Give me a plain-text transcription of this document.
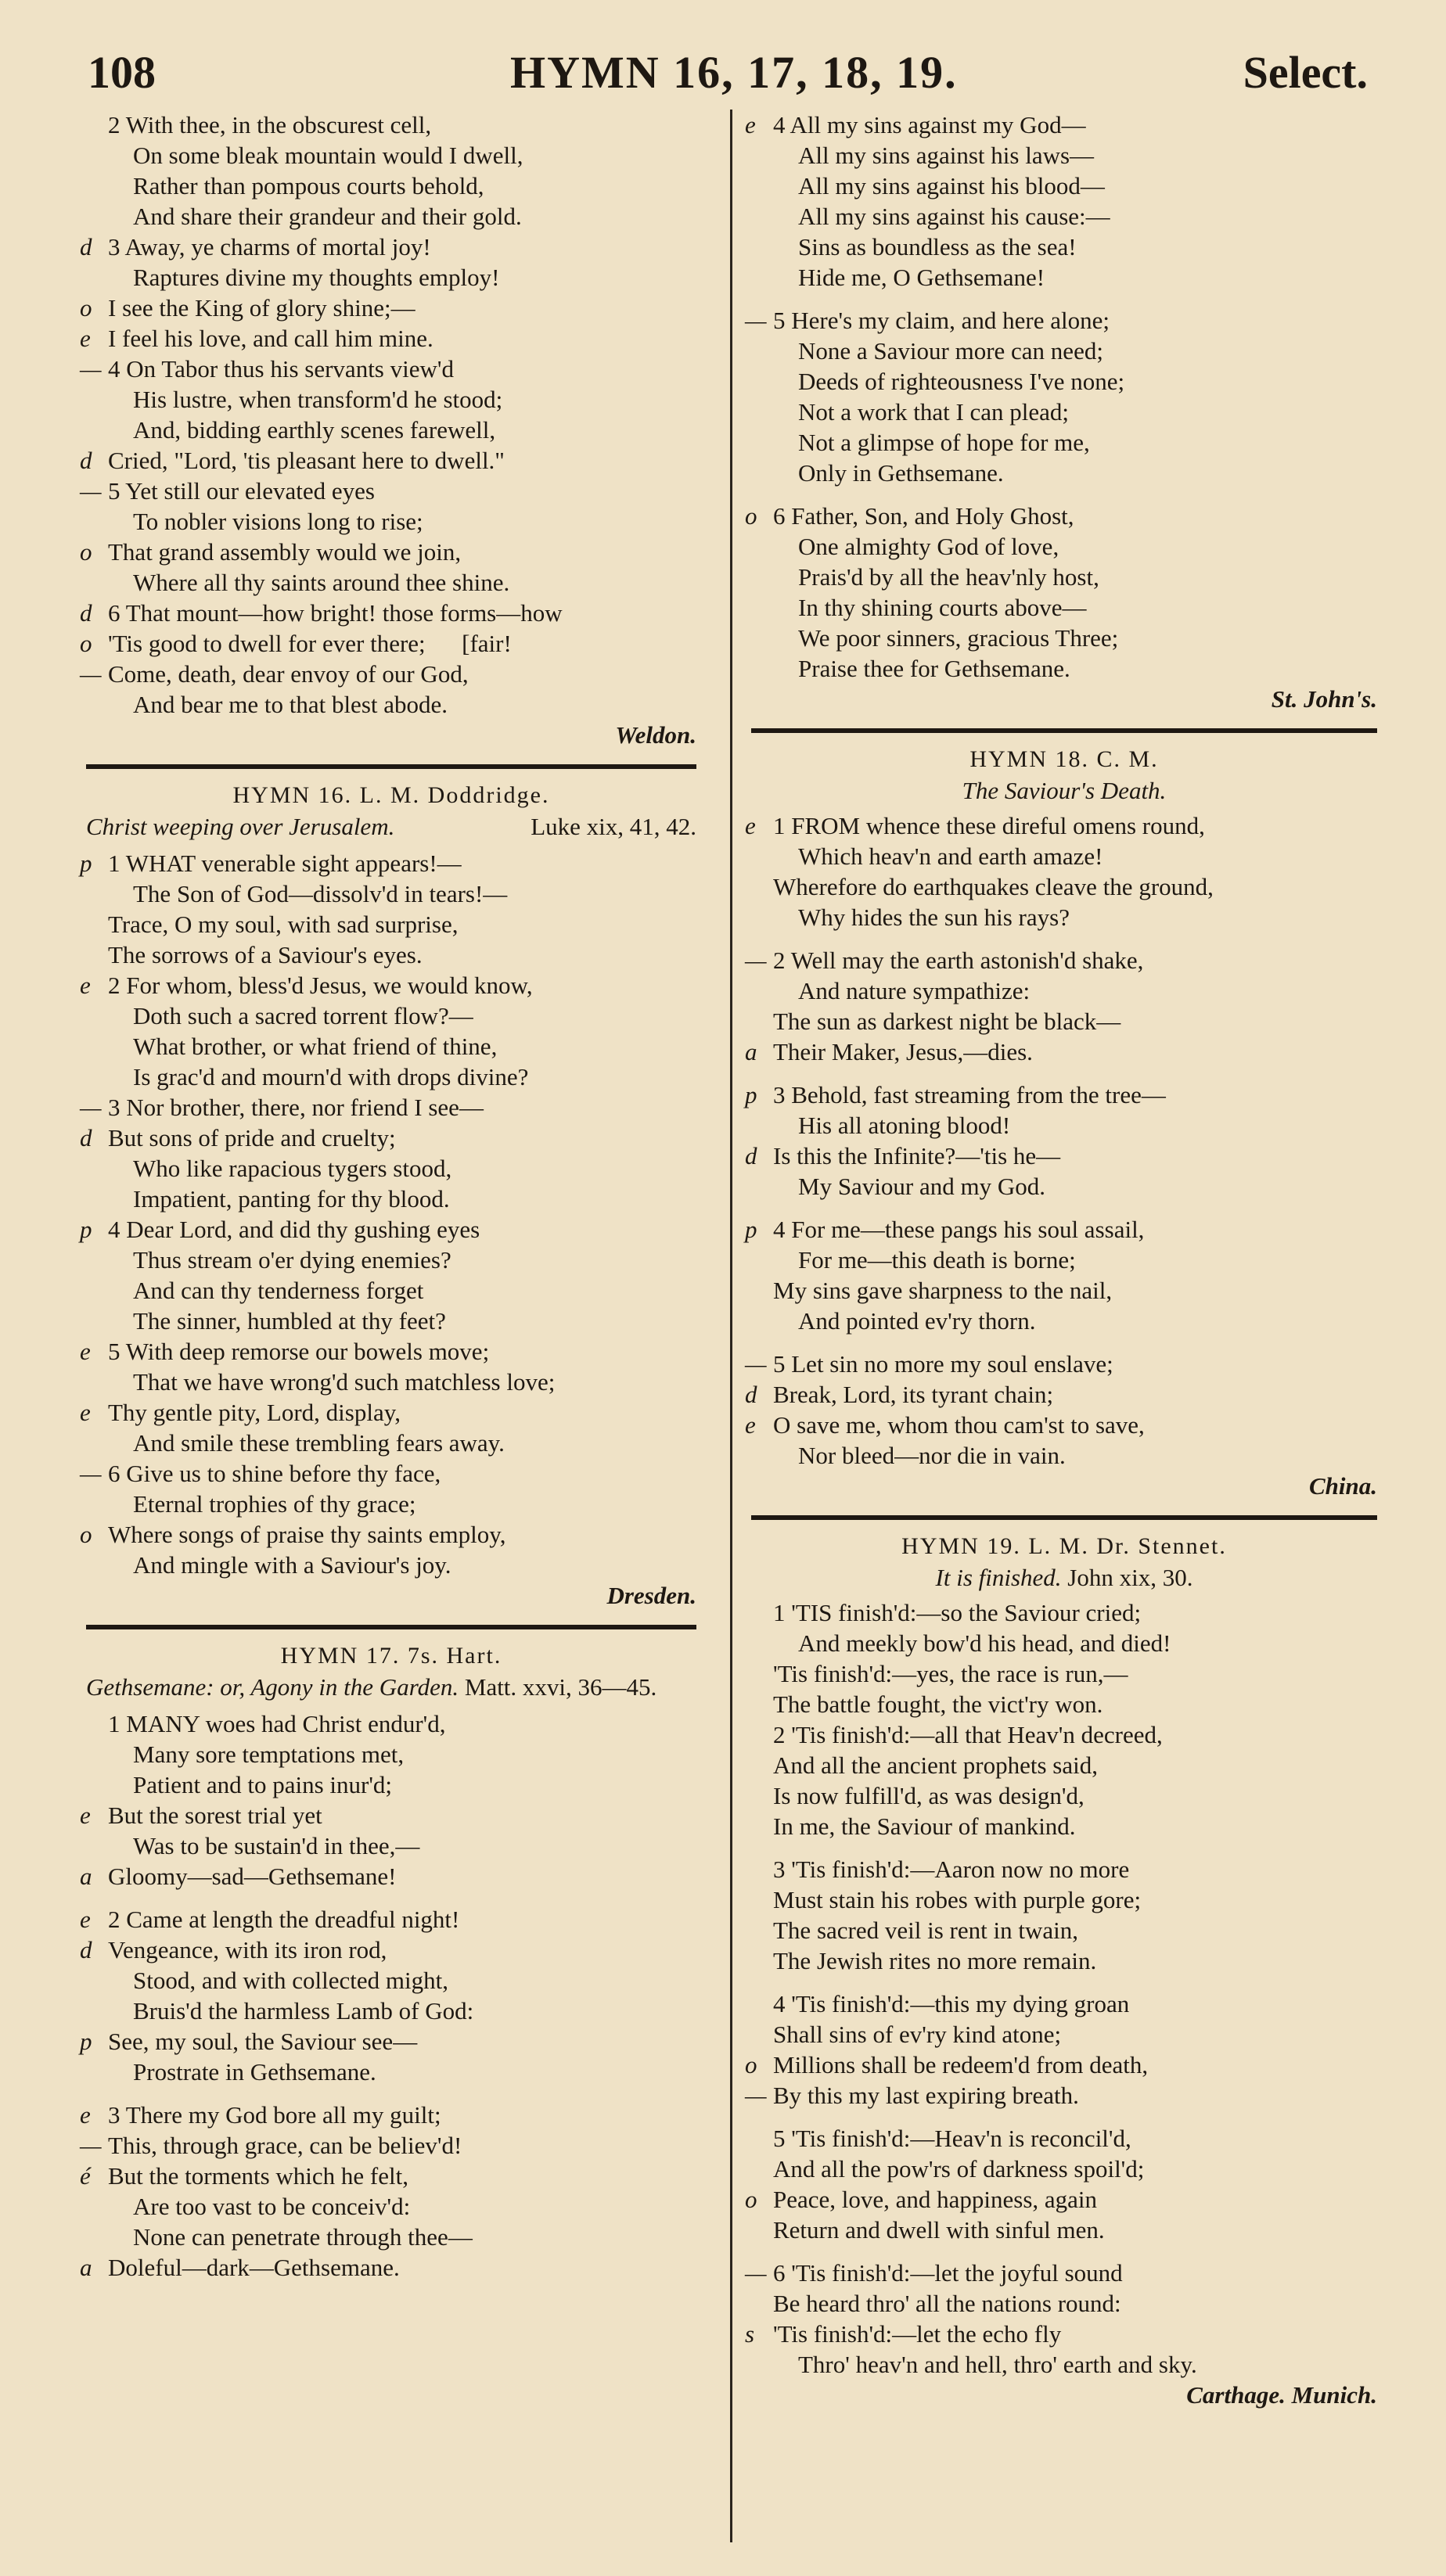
108	HYMN 16, 17, 18, 19.	Select.
2 With thee, in the obscurest cell,
On some bleak mountain would I dwell,
Rather than pompous courts behold,
And share their grandeur and their gold.
d 3 Away, ye charms of mortal joy!
Raptures divine my thoughts employ!
o I see the King of glory shine;—
e I feel his love, and call him mine.
— 4 On Tabor thus his servants view'd
His lustre, when transform'd he stood;
And, bidding earthly scenes farewell,
d Cried, "Lord, 'tis pleasant here to dwell."
— 5 Yet still our elevated eyes
To nobler visions long to rise;
o That grand assembly would we join,
Where all thy saints around thee shine.
d 6 That mount—how bright! those forms—how
o 'Tis good to dwell for ever there;      [fair!
— Come, death, dear envoy of our God,
And bear me to that blest abode.

Weldon.
HYMN 16. L. M. Doddridge.
Christ weeping over Jerusalem.	Luke xix, 41, 42.
p 1 WHAT venerable sight appears!—
The Son of God—dissolv'd in tears!—
Trace, O my soul, with sad surprise,
The sorrows of a Saviour's eyes.
e 2 For whom, bless'd Jesus, we would know,
Doth such a sacred torrent flow?—
What brother, or what friend of thine,
Is grac'd and mourn'd with drops divine?
— 3 Nor brother, there, nor friend I see—
d But sons of pride and cruelty;
Who like rapacious tygers stood,
Impatient, panting for thy blood.
p 4 Dear Lord, and did thy gushing eyes
Thus stream o'er dying enemies?
And can thy tenderness forget
The sinner, humbled at thy feet?
e 5 With deep remorse our bowels move;
That we have wrong'd such matchless love;
e Thy gentle pity, Lord, display,
And smile these trembling fears away.
— 6 Give us to shine before thy face,
Eternal trophies of thy grace;
o Where songs of praise thy saints employ,
And mingle with a Saviour's joy.

Dresden.
HYMN 17. 7s. Hart.
Gethsemane: or, Agony in the Garden. Matt. xxvi, 36—45.
1 MANY woes had Christ endur'd,
Many sore temptations met,
Patient and to pains inur'd;
e But the sorest trial yet
Was to be sustain'd in thee,—
a Gloomy—sad—Gethsemane!
e 2 Came at length the dreadful night!
d Vengeance, with its iron rod,
Stood, and with collected might,
Bruis'd the harmless Lamb of God:
p See, my soul, the Saviour see—
Prostrate in Gethsemane.
e 3 There my God bore all my guilt;
— This, through grace, can be believ'd!
é But the torments which he felt,
Are too vast to be conceiv'd:
None can penetrate through thee—
a Doleful—dark—Gethsemane.
e 4 All my sins against my God—
All my sins against his laws—
All my sins against his blood—
All my sins against his cause:—
Sins as boundless as the sea!
Hide me, O Gethsemane!
— 5 Here's my claim, and here alone;
None a Saviour more can need;
Deeds of righteousness I've none;
Not a work that I can plead;
Not a glimpse of hope for me,
Only in Gethsemane.
o 6 Father, Son, and Holy Ghost,
One almighty God of love,
Prais'd by all the heav'nly host,
In thy shining courts above—
We poor sinners, gracious Three;
Praise thee for Gethsemane.

St. John's.
HYMN 18. C. M.
The Saviour's Death.
e 1 FROM whence these direful omens round,
Which heav'n and earth amaze!
Wherefore do earthquakes cleave the ground,
Why hides the sun his rays?
— 2 Well may the earth astonish'd shake,
And nature sympathize:
The sun as darkest night be black—
a Their Maker, Jesus,—dies.
p 3 Behold, fast streaming from the tree—
His all atoning blood!
d Is this the Infinite?—'tis he—
My Saviour and my God.
p 4 For me—these pangs his soul assail,
For me—this death is borne;
My sins gave sharpness to the nail,
And pointed ev'ry thorn.
— 5 Let sin no more my soul enslave;
d Break, Lord, its tyrant chain;
e O save me, whom thou cam'st to save,
Nor bleed—nor die in vain.

China.
HYMN 19. L. M. Dr. Stennet.
It is finished. John xix, 30.
1 'TIS finish'd:—so the Saviour cried;
And meekly bow'd his head, and died!
'Tis finish'd:—yes, the race is run,—
The battle fought, the vict'ry won.
2 'Tis finish'd:—all that Heav'n decreed,
And all the ancient prophets said,
Is now fulfill'd, as was design'd,
In me, the Saviour of mankind.
3 'Tis finish'd:—Aaron now no more
Must stain his robes with purple gore;
The sacred veil is rent in twain,
The Jewish rites no more remain.
4 'Tis finish'd:—this my dying groan
Shall sins of ev'ry kind atone;
o Millions shall be redeem'd from death,
— By this my last expiring breath.
5 'Tis finish'd:—Heav'n is reconcil'd,
And all the pow'rs of darkness spoil'd;
o Peace, love, and happiness, again
Return and dwell with sinful men.
— 6 'Tis finish'd:—let the joyful sound
Be heard thro' all the nations round:
s 'Tis finish'd:—let the echo fly
Thro' heav'n and hell, thro' earth and sky.

Carthage. Munich.
